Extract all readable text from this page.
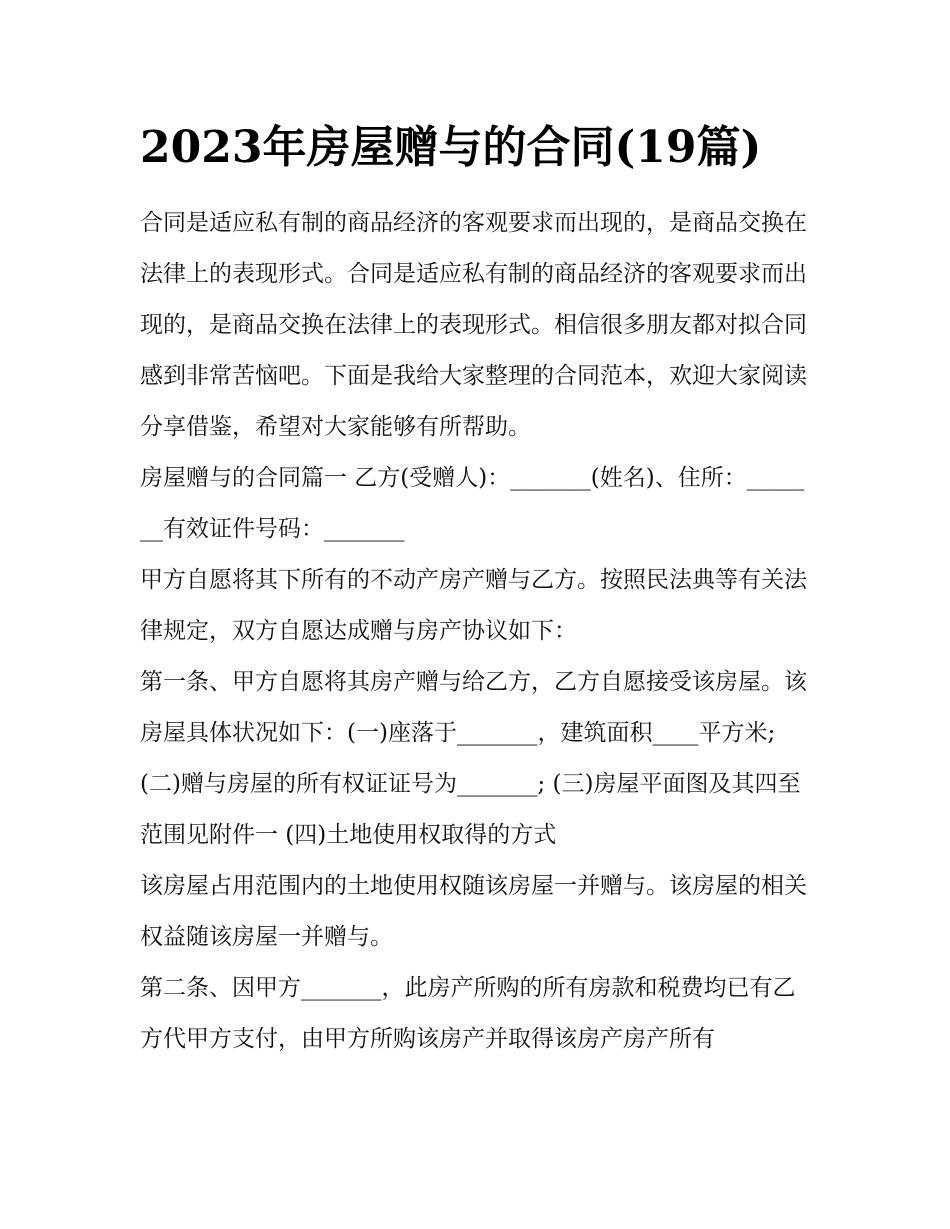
2023年房屋赠与的合同(19篇)

合同是适应私有制的商品经济的客观要求而出现的，是商品交换在法律上的表现形式。合同是适应私有制的商品经济的客观要求而出现的，是商品交换在法律上的表现形式。相信很多朋友都对拟合同感到非常苦恼吧。下面是我给大家整理的合同范本，欢迎大家阅读分享借鉴，希望对大家能够有所帮助。

房屋赠与的合同篇一 乙方(受赠人)：_______(姓名)、住所：_______有效证件号码：_______

甲方自愿将其下所有的不动产房产赠与乙方。按照民法典等有关法律规定，双方自愿达成赠与房产协议如下：

第一条、甲方自愿将其房产赠与给乙方，乙方自愿接受该房屋。该房屋具体状况如下：(一)座落于_______，建筑面积____平方米;

(二)赠与房屋的所有权证证号为_______; (三)房屋平面图及其四至范围见附件一 (四)土地使用权取得的方式

该房屋占用范围内的土地使用权随该房屋一并赠与。该房屋的相关权益随该房屋一并赠与。

第二条、因甲方_______，此房产所购的所有房款和税费均已有乙方代甲方支付，由甲方所购该房产并取得该房产房产所有
